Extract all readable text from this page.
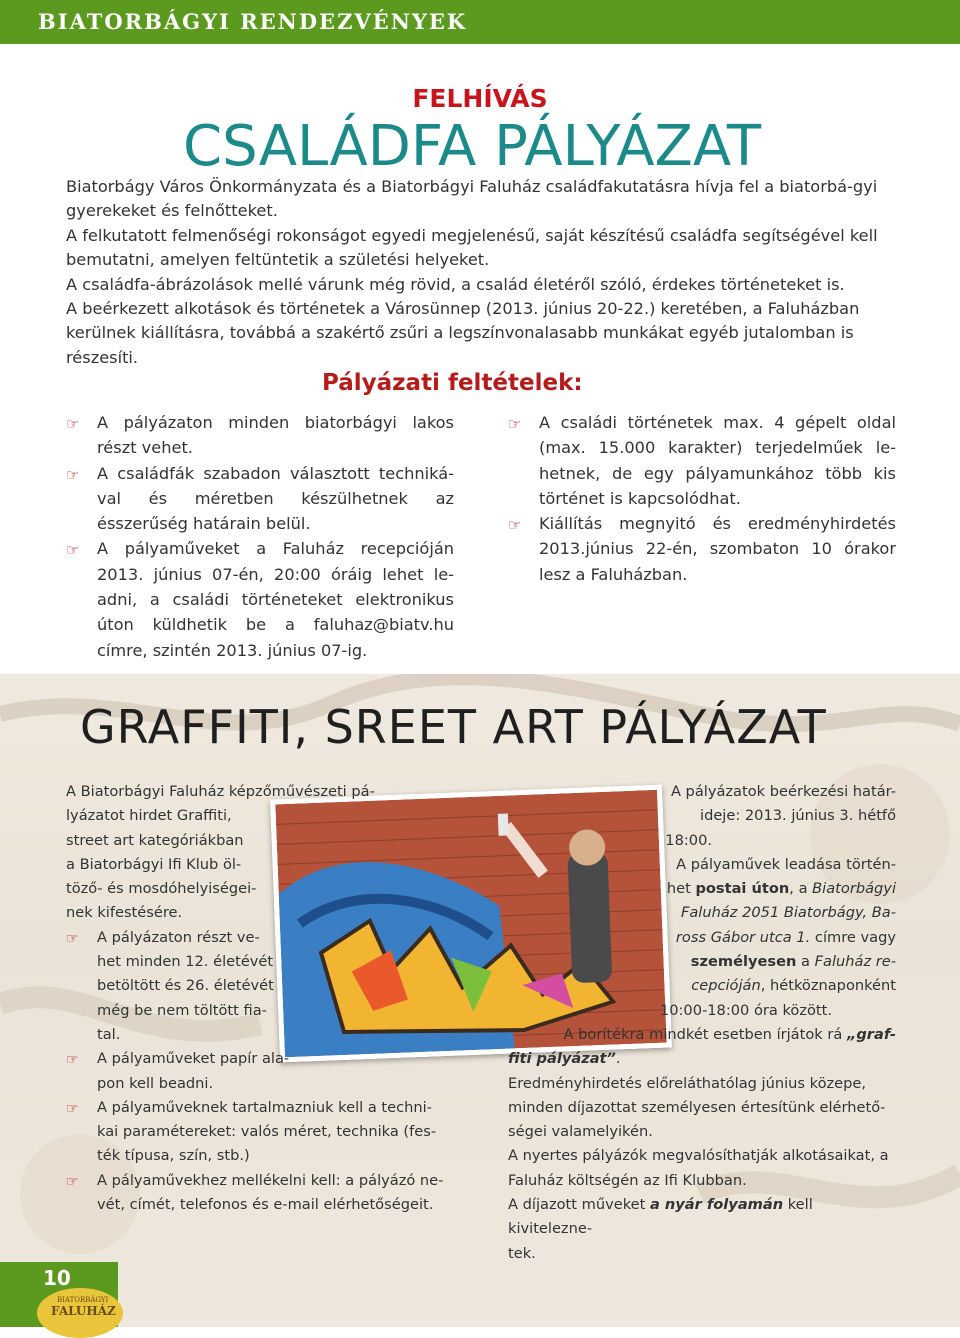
BIATORBÁGYI RENDEZVÉNYEK
FELHÍVÁS
CSALÁDFA PÁLYÁZAT

Biatorbágy Város Önkormányzata és a Biatorbágyi Faluház családfakutatásra hívja fel a biatorbá-gyi gyerekeket és felnőtteket.

A felkutatott felmenőségi rokonságot egyedi megjelenésű, saját készítésű családfa segítségével kell bemutatni, amelyen feltüntetik a születési helyeket.

A családfa-ábrázolások mellé várunk még rövid, a család életéről szóló, érdekes történeteket is.

A beérkezett alkotások és történetek a Városünnep (2013. június 20-22.) keretében, a Faluházban kerülnek kiállításra, továbbá a szakértő zsűri a legszínvonalasabb munkákat egyéb jutalomban is részesíti.

Pályázati feltételek:
☞ A pályázaton minden biatorbágyi lakos részt vehet.
☞ A családfák szabadon választott techniká-val és méretben készülhetnek az ésszerűség határain belül.
☞ A pályaműveket a Faluház recepcióján 2013. június 07-én, 20:00 óráig lehet le-adni, a családi történeteket elektronikus úton küldhetik be a faluhaz@biatv.hu címre, szintén 2013. június 07-ig.
☞ A családi történetek max. 4 gépelt oldal (max. 15.000 karakter) terjedelműek le-hetnek, de egy pályamunkához több kis történet is kapcsolódhat.
☞ Kiállítás megnyitó és eredményhirdetés 2013.június 22-én, szombaton 10 órakor lesz a Faluházban.
GRAFFITI, SREET ART PÁLYÁZAT

A Biatorbágyi Faluház képzőművészeti pá-

lyázatot hirdet Graffiti,

street art kategóriákban

a Biatorbágyi Ifi Klub öl-

töző- és mosdóhelyiségei-

nek kifestésére.

☞ A pályázaton részt ve-
het minden 12. életévét
betöltött és 26. életévét
még be nem töltött fia-
tal.
☞ A pályaműveket papír ala-
pon kell beadni.
☞ A pályaműveknek tartalmazniuk kell a techni-
kai paramétereket: valós méret, technika (fes-
ték típusa, szín, stb.)
☞ A pályaművekhez mellékelni kell: a pályázó ne-
vét, címét, telefonos és e-mail elérhetőségeit.

A pályázatok beérkezési határ-

ideje: 2013. június 3. hétfő

18:00.

A pályaművek leadása történ-

het postai úton, a Biatorbágyi

Faluház 2051 Biatorbágy, Ba-

ross Gábor utca 1. címre vagy

személyesen a Faluház re-

cepcióján, hétköznaponként

10:00-18:00 óra között.

A borítékra mindkét esetben írjátok rá „graf-

fiti pályázat”.

Eredményhirdetés előreláthatólag június közepe,

minden díjazottat személyesen értesítünk elérhető-

ségei valamelyikén.

A nyertes pályázók megvalósíthatják alkotásaikat, a

Faluház költségén az Ifi Klubban.

A díjazott műveket a nyár folyamán kell kivitelezne-

tek.

10
BIATORBÁGYI
FALUHÁZ
